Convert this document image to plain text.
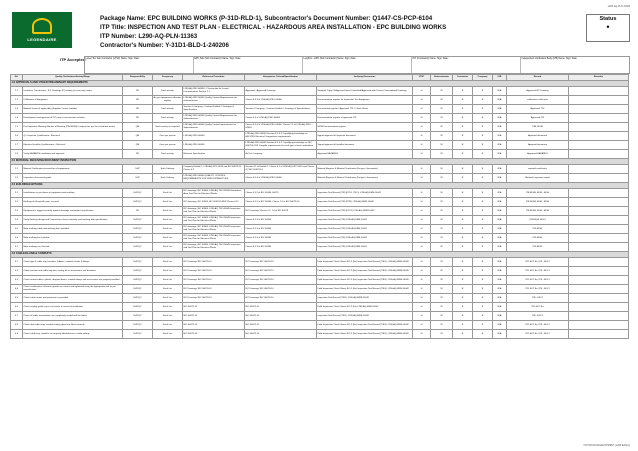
L290-AQ-PLN-11363
LEGENDAIRE
Package Name: EPC BUILDING WORKS (P-31D-RLD-1), Subcontractor's Document Number: Q1447-CS-PCP-6104
ITP Title: INSPECTION AND TEST PLAN - ELECTRICAL - HAZARDOUS AREA INSTALLATION - EPC BUILDING WORKS
ITP Number: L290-AQ-PLN-11363
Contractor's Number: Y-31D1-BLD-1-240206
Status
•
ITP Accepted: Lower Tier Sub Contractor (LTSC) Name: Sign: Date:	EPC Sub (Sub Contractor) Name: Sign: Date:	Leighton - EPC (Sub Contractor) Name: Sign: Date:	INT (Contractor) Name: Sign: Date:	Independent Verification Body (IVB) Name: Sign: Date:
No.	Quality Verification Activity/Stage	Responsibility	Frequency	Reference Procedure	Acceptance Criteria/Specification	Verifying Documents	LTSC	Subcontractor	Contractor	Company	IVB	Record	Remarks
1.0 APPROVALS AND OTHER PRELIMINARY REQUIREMENTS													
1.1	Issued for Construction - IFC Drawings (P) relating to necessary works	PE	Each activity	L290-AQ-PRC-00094 - 2 Instruction for Issued Documentation Section 2.1	Approved - Approved Drawings	Stamped Copy Of Approved latest Controlled/Approved with Current Consolidated Drawings	H	W	R	R	N/A	Approved IFC Drawing	
1.2	Calibration of Equipment	PE	As per equipment calibration register	L290-AQ-PRC-00060 Quality Control Requirements for subcontractors	Clause 4.8.3 of L290-AQ-PRC-00060	Documentation register for Inspection Test Equipment	H	W	R	R	N/A	calibration certificates	
1.3	Material Lease (if applicable) (Supplier Course module)	PE	Each activity	Section 4 Company - Contract Exhibit C Drawings & Specifications	Section 4 Company - Contract Exhibit C Drawings & Specifications	Documented register / Approved TTF / Check Sheet	H	W	R	R	N/A	Approved TTF	
1.4	Development and approval of ITP prior to construction activities	PE	Each activity	L290-AQ-PRC-00060 Quality Control Requirements for Subcontractors	Clause 4.4 of L290-AQ-PRC-00060	Documentation register of approved ITP	H	W	R	R	N/A	Approved ITP	
1.5	Pre-Inspection Meeting Minutes of Meeting (PIM MOM) if required as per the scheduled matrix	QM	Each activity as required	L290-AQ-PRC-00060 Quality Control requirements for Subcontractors	Clause 4.5.4 of L290-AQ-PRC-00060, Clause 7.1 of L290-AQ-PRC-00063	MOM Documentation register	H	W	R	R	N/A	PIM, MOM	
1.6	QC Inspector Qualification - Electrical	QM	Once per person	L290-AQ-PRC-00060	L290-AQ-PRC-00060 Section 4.5 & 4.7 qualifying knowledge as HECZ/EX Electrical Competence requirements	Signed approval of Inspector document	H	W	R	R	N/A	Approval document	
1.7	Electrical Installer Qualifications - Electrical	QM	Once per person	L290-AQ-PRC-00060	L290-AQ-PRC-00060 Section 4.5 & 4.7 qualifying knowledge as IEC 60079-14 EX CompEx requirements for each type of work undertaken	Signed approval of Installer document	H	W	R	R	N/A	Approval document	
1.8	Verify HAZARDS installation and approval	PE	Each activity	Relevant Specification	As Per Company	Approved HAZARDS	H	W	R	R	N/A	Approved HAZARDS	
2.0 MATERIAL RECEIVING/DOCUMENT INSPECTION													
2.1	Material Certificates received for all equipments	SUP	Each Delivery	Company Exhibit C, L290-AQ-SPC-0014 and IEC 60079-14 Clause 4.2	Section 4.1 of Exhibit C, Clause 4.2 of L290-AQ-SPC-0014 and Clause 4.2 IEC 60079-14	Material Register & Material Certificates (Ex type / documents)	H	W	R	R	N/A	material certificates	
2.2	Inspection of received goods	SUP	Each Delivery	L290-AQ-PRC-00060 QUALITY CONTROL REQUIREMENTS FOR SUBCONTRACTORS	Clause 4.5.4 of L290-AQ-PRC-00060	Material Register & Material Certificates (Ex type / documents)	H	W	R	R	N/A	Material inspection report	
3.0 BUILDING/EARTHING													
3.1	Installations as per above of equipment and earthing	SUP/QC	Each Lot	IFC drawings, IEC 60364, L290-AQ-TSC-00045 Hazardous Area Test Plan for Electrical Works	Clause 5.5.2 of IEC 60364, 60079	Inspection Test Record (ITR) (FTS1, ITR 1) L290-AQ-FRM-10042	H	W	R	R	N/A	ITR-EFSB, EFS1, EFS4	
3.2	Earthing of all metallic parts secured	SUP/QC	Each Lot	IFC drawings, IEC 60364, IEC 60079-14/EN Clause 6.12	Clause 5.5.2 of IEC 60364, Clause 7.6 of IEC 60079-14	Inspection Test Record (ITR) (ITR1) L290-AQ-FRM-10042	H	W	R	R	N/A	ITR-EFSB, EFS1, EFS4	
3.3	Equipment is tagged correctly against drawings and project specification	PE	Each Lot	IFC drawings, IEC 60364, L290-AQ-TSC-00045 Inspection and Test Plan for Electrical Works	IFC Drawings/ Clause 5.2, 7.4 of IEC 60079	Inspection Test Record (ITR) (FTS1) L290-AQ-FRM-10042	H	W	R	R	N/A	ITR-EFSB, EFS1, EFS4	
3.4	Verify Earthing design and Connections show continuity and earthing disk specification	SUP/QC	Each Lot	IFC drawings, IEC 60364, L290-AQ-TSC-00045 Inspection and Test Plan for Electrical Works	Clause 5.5.3 of IEC 60364	Inspection Test Record (ITR) L290-AQ-FRM-10042	H	W	R	R	N/A	ITR-EFS4, EFS1	
3.5	Main earthing cable and earthing bars installed	SUP/QC	Each Lot	IFC drawings, IEC 60364, L290-AQ-TSC-00045 Inspection and Test Plan for Electrical Works	Clause 5.5.3 of IEC 60364	Inspection Test Record (ITR) L290-AQ-FRM-10042	H	W	R	R	N/A	ITR-EFS4	
3.6	Main earthing bar installed	SUP/QC	Each Lot	IFC drawings, IEC 60364, L290-AQ-TSC-00045 Inspection and Test Plan for Electrical Works	Clause 5.5.3 of IEC 60364	Inspection Test Record (ITR) L290-AQ-FRM-10042	H	W	R	R	N/A	ITR-EFS4	
3.7	Main earthing run checked	SUP/QC	Each Lot	IFC drawings, IEC 60364, L290-AQ-TSC-00045 Inspection and Test Plan for Electrical Works	Clause 5.5.3 of IEC 60364	Inspection Test Record (ITR) L290-AQ-FRM-10042	H	W	R	R	N/A	ITR-EFS4	
4.0 CABLE/GLAND & CONDUITS													
4.1	Check type & cable tray, brackets, ladders, conduits hooks & fittings	SUP/QC	Each Lot	IFC Drawings/ IEC 60079-14	IFC Drawings/ IEC 60079-14	Field Inspection Check Sheet: EC-2 (Ex) Inspection Test Record (ITR-1) L290-AQ-FRM-10042	H	W	R	R	N/A	ITR: EC2 Ex, ITR - EFC1	
4.2	Check junction and cable tray box, routing for ex instructions and deviation	SUP/QC	Each Lot	IFC Drawings/ IEC 60079-14	IFC Drawings/ IEC 60079-14	Field Inspection Check Sheet: EC-2 (Ex) Inspection Test Record (ITR-1) L290-AQ-FRM-10042	H	W	R	R	N/A	ITR: EC2 Ex, ITR - EFC1	
4.3	Check routed cables, glands, dropped boxes, conduit fittings and accessories are properly installed	SUP/QC	Each Lot	IFC Drawings/ IEC 60079-14	IFC Drawings/ IEC 60079-14	Field Inspection Check Sheet: EC-2 (Ex) Inspection Test Record (ITR-1) L290-AQ-FRM-10042	H	W	R	R	N/A	ITR: EC2 Ex, ITR - EFC1	
4.4	Check certifications of barrier glands are correct and tightened using the appropriate tool as per manufacturer	SUP/QC	Each Lot	IFC Drawings/ IEC 60079-14	IFC Drawings/ IEC 60079-14	Field Inspection Check Sheet: EC-2 (Ex) Inspection Test Record (ITR-1) L290-AQ-FRM-10042	H	W	R	R	N/A	ITR: EC2 Ex, ITR - EFC1	
4.5	Check cable routes and protection is provided	SUP/QC	Each Lot	IFC Drawings/ IEC 60079-14	IFC Drawings/ IEC 60079-14	Inspection Test Record (ITR-1) L290-AQ-FRM-10042	H	W	R	R	N/A	ITR - EFC1	
4.6	Check sealing grade cap is consistent to record of installation	SUP/QC	Each Lot	IEC 60079-14	IEC 60079-14	Field Inspection Check Sheet: EC-2 (Ex) L290-AQ-FRM-10042	H	W	R	R	N/A	ITR: EC2 Ex	
4.7	Check all cable terminations are completely sealed and the labels	SUP/QC	Each Lot	IEC 60079-14	IEC 60079-14	Inspection Test Record (ITR-1) L290-AQ-FRM-10042	H	W	R	R	N/A	ITR - EFC1	
4.8	Check that cable entry conduit sealing gland are fitted correctly	SUP/QC	Each Lot	IEC 60079-14	IEC 60079-14	Field Inspection Check Sheet: EC-2 (Ex) Inspection Test Record (ITR-1) L290-AQ-FRM-10042	H	W	R	R	N/A	ITR: EC2 Ex, ITR - EFC1	
4.9	Check cable tray, conduits are properly labeled prior to cable pulling	SUP/QC	Each Lot	IEC 60079-14	IEC 60079-14	Field Inspection Check Sheet: EC-2 (Ex) Inspection Test Record (ITR-1) L290-AQ-FRM-10042	H	W	R	R	N/A	ITR: EC2 Ex, ITR - EFC1	
OUTDOOR DEVELOPMENT (L290 Edition)
